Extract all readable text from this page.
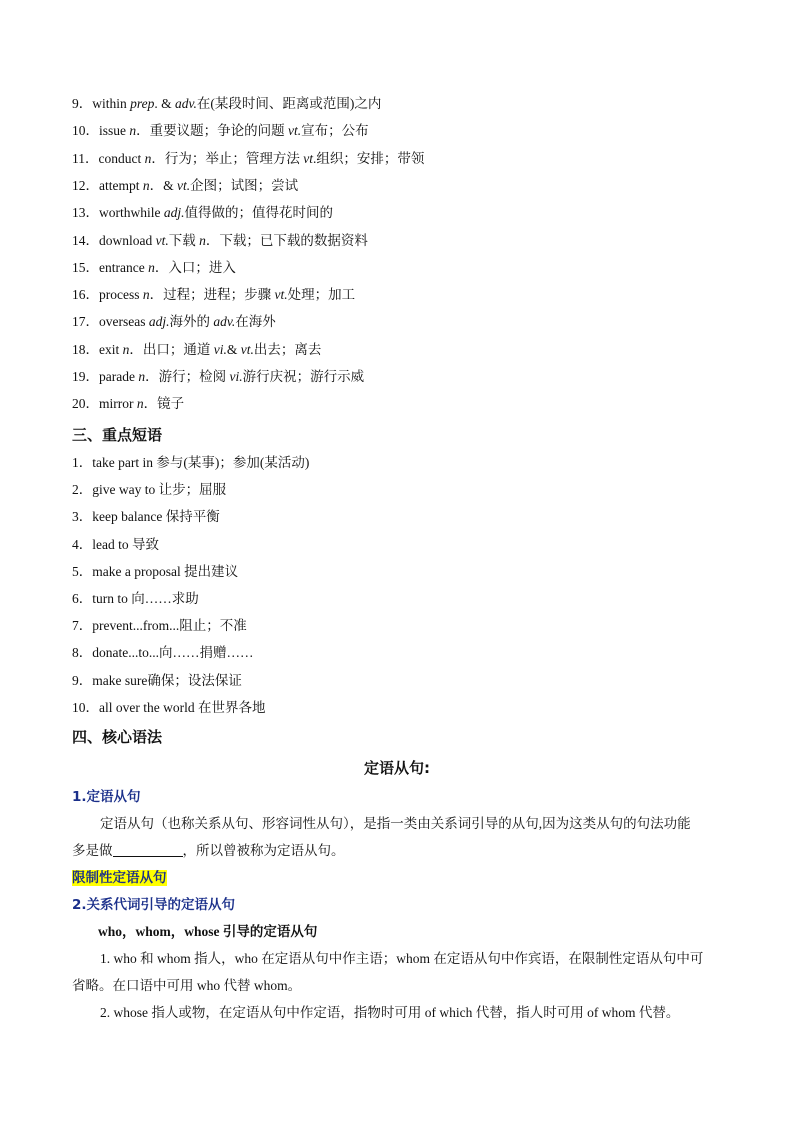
9．within prep. & adv.在(某段时间、距离或范围)之内
10．issue n．重要议题；争论的问题 vt.宣布；公布
11．conduct n．行为；举止；管理方法 vt.组织；安排；带领
12．attempt n．& vt.企图；试图；尝试
13．worthwhile adj.值得做的；值得花时间的
14．download vt.下载 n．下载；已下载的数据资料
15．entrance n．入口；进入
16．process n．过程；进程；步骤 vt.处理；加工
17．overseas adj.海外的 adv.在海外
18．exit n．出口；通道 vi.& vt.出去；离去
19．parade n．游行；检阅 vi.游行庆祝；游行示威
20．mirror n．镜子
三、重点短语
1．take part in 参与(某事)；参加(某活动)
2．give way to 让步；屈服
3．keep balance 保持平衡
4．lead to 导致
5．make a proposal 提出建议
6．turn to 向……求助
7．prevent...from...阻止；不准
8．donate...to...向……捐赠……
9．make sure确保；设法保证
10．all over the world 在世界各地
四、核心语法
定语从句:
1.定语从句
定语从句（也称关系从句、形容词性从句），是指一类由关系词引导的从句,因为这类从句的句法功能
多是做	，所以曾被称为定语从句。
限制性定语从句
2.关系代词引导的定语从句
who，whom，whose 引导的定语从句
1. who 和 whom 指人，who 在定语从句中作主语；whom 在定语从句中作宾语，在限制性定语从句中可
省略。在口语中可用 who 代替 whom。
2. whose 指人或物，在定语从句中作定语，指物时可用 of which 代替，指人时可用 of whom 代替。
